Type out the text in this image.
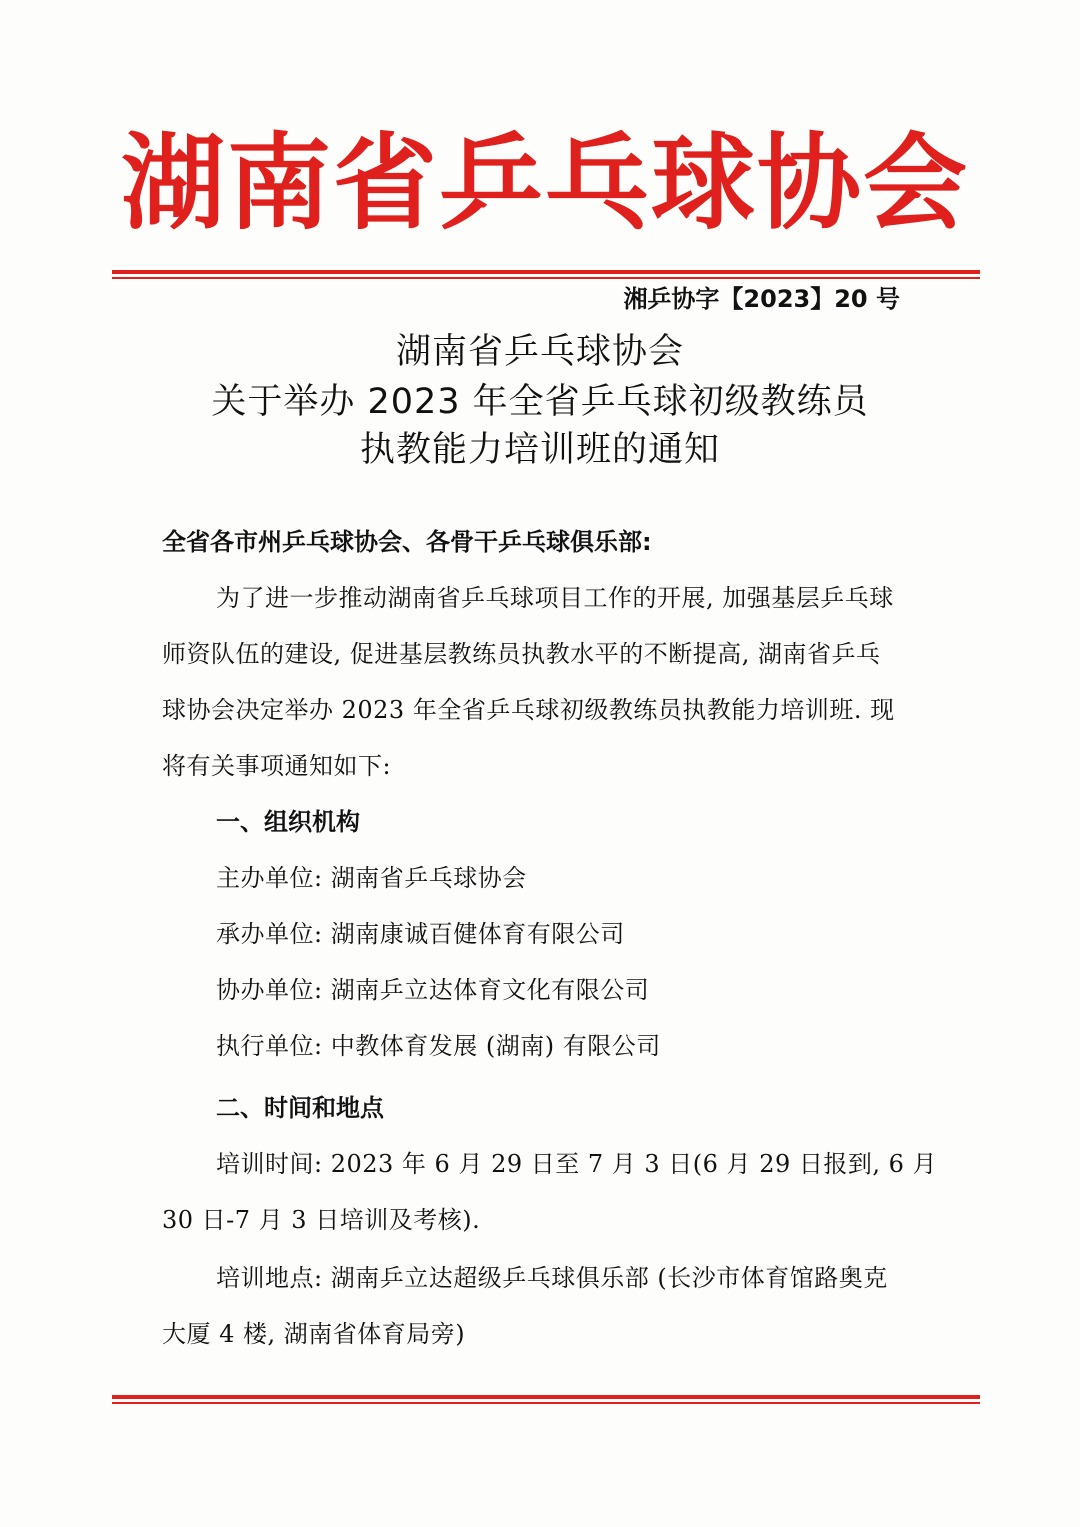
湖南省乒乓球协会
湘乒协字【2023】20 号
湖南省乒乓球协会
关于举办 2023 年全省乒乓球初级教练员
执教能力培训班的通知
全省各市州乒乓球协会、各骨干乒乓球俱乐部:
为了进一步推动湖南省乒乓球项目工作的开展, 加强基层乒乓球
师资队伍的建设, 促进基层教练员执教水平的不断提高, 湖南省乒乓
球协会决定举办 2023 年全省乒乓球初级教练员执教能力培训班. 现
将有关事项通知如下:
一、组织机构
主办单位: 湖南省乒乓球协会
承办单位: 湖南康诚百健体育有限公司
协办单位: 湖南乒立达体育文化有限公司
执行单位: 中教体育发展 (湖南) 有限公司
二、时间和地点
培训时间: 2023 年 6 月 29 日至 7 月 3 日(6 月 29 日报到, 6 月
30 日-7 月 3 日培训及考核).
培训地点: 湖南乒立达超级乒乓球俱乐部 (长沙市体育馆路奥克
大厦 4 楼, 湖南省体育局旁)
